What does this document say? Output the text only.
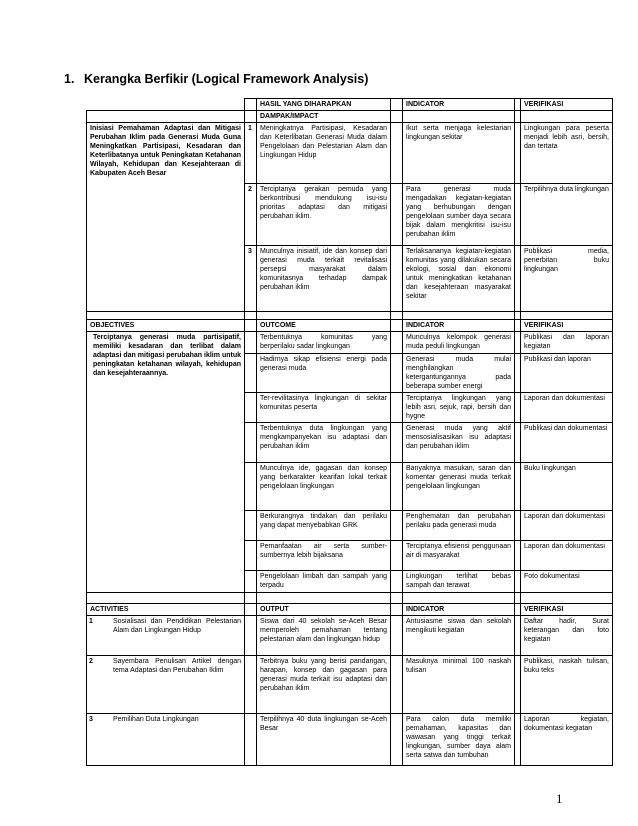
1. Kerangka Berfikir (Logical Framework Analysis)
		HASIL YANG DIHARAPKAN		INDICATOR		VERIFIKASI
		DAMPAK/IMPACT				
Inisiasi Pemahaman Adaptasi dan Mitigasi Perubahan Iklim pada Generasi Muda Guna Meningkatkan Partisipasi, Kesadaran dan Keterlibatanya untuk Peningkatan Ketahanan Wilayah, Kehidupan dan Kesejahteraan di Kabupaten Aceh Besar	1	Meningkatnya Partisipasi, Kesadaran dan Keterlibatan Generasi Muda dalam Pengelolaan dan Pelestarian Alam dan Lingkungan Hidup		Ikut serta menjaga kelestarian lingkungan sekitar		Lingkungan para peserta menjadi lebih asri, bersih, dan tertata
	2	Terciptanya gerakan pemuda yang berkontribusi mendukung isu-isu prioritas adaptasi dan mitigasi perubahan iklim.		Para generasi muda mengadakan kegiatan-kegiatan yang berhubungan dengan pengelolaan sumber daya secara bijak dalam mengkritisi isu-isu perubahan iklim		Terpilihnya duta lingkungan
	3	Munculnya inisiatif, ide dan konsep dari generasi muda terkait revitalisasi persepsi masyarakat dalam komunitasnya terhadap dampak perubahan iklim		Terlaksananya kegiatan-kegiatan komunitas yang dilakukan secara ekologi, sosial dan ekonomi untuk meningkatkan ketahanan dan kesejahteraan masyarakat sekitar		Publikasi media, penerbitan buku lingkungan

OBJECTIVES		OUTCOME		INDICATOR		VERIFIKASI
Terciptanya generasi muda partisipatif, memiliki kesadaran dan terlibat dalam adaptasi dan mitigasi perubahan iklim untuk peningkatan ketahanan wilayah, kehidupan dan kesejahteraannya.		Terbentuknya komunitas yang berperilaku sadar lingkungan		Munculnya kelompok generasi muda peduli lingkungan		Publikasi dan laporan kegiatan
		Hadirnya sikap efisiensi energi pada generasi muda		Generasi muda mulai menghilangkan ketergantungannya pada beberapa sumber energi		Publikasi dan laporan
		Ter-revilitasinya lingkungan di sekitar komunitas peserta		Terciptanya lingkungan yang lebih asri, sejuk, rapi, bersih dan hygne		Laporan dan dokumentasi
		Terbentuknya duta lingkungan yang mengkampanyekan isu adaptasi dan perubahan iklim		Generasi muda yang aktif mensosialisasikan isu adaptasi dan perubahan iklim		Publikasi dan dokumentasi
		Munculnya ide, gagasan dan konsep yang berkarakter kearifan lokal terkait pengelolaan lingkungan		Banyaknya masukan, saran dan komentar generasi muda terkait pengelolaan lingkungan		Buku lingkungan
		Berkurangnya tindakan dan perilaku yang dapat menyebabkan GRK		Penghematan dan perubahan perilaku pada generasi muda		Laporan dan dokumentasi
		Pemanfaatan air serta sumber-sumbernya lebih bijaksana		Terciptanya efisiensi penggunaan air di masyarakat		Laporan dan dokumentasi
		Pengelolaan limbah dan sampah yang terpadu		Lingkungan terlihat bebas sampah dan terawat		Foto dokumentasi

ACTIVITIES		OUTPUT		INDICATOR		VERIFIKASI

1 Sosialisasi dan Pendidikan Pelestarian Alam dan Lingkungan Hidup		Siswa dari 40 sekolah se-Aceh Besar memperoleh pemahaman tentang pelestarian alam dan lingkungan hidup		Antusiasme siswa dan sekolah mengikuti kegiatan		Daftar hadir, Surat keterangan dan foto kegiatan

2 Sayembara Penulisan Artikel dengan tema Adaptasi dan Perubahan Iklim		Terbitnya buku yang berisi pandangan, harapan, konsep dan gagasan para generasi muda terkait isu adaptasi dan perubahan iklim		Masuknya minimal 100 naskah tulisan		Publikasi, naskah tulisan, buku teks

3 Pemilihan Duta Lingkungan		Terpilihnya 40 duta lingkungan se-Aceh Besar		Para calon duta memiliki pemahaman, kapasitas dan wawasan yang tinggi terkait lingkungan, sumber daya alam serta satwa dan tumbuhan		Laporan kegiatan, dokumentasi kegiatan
1
